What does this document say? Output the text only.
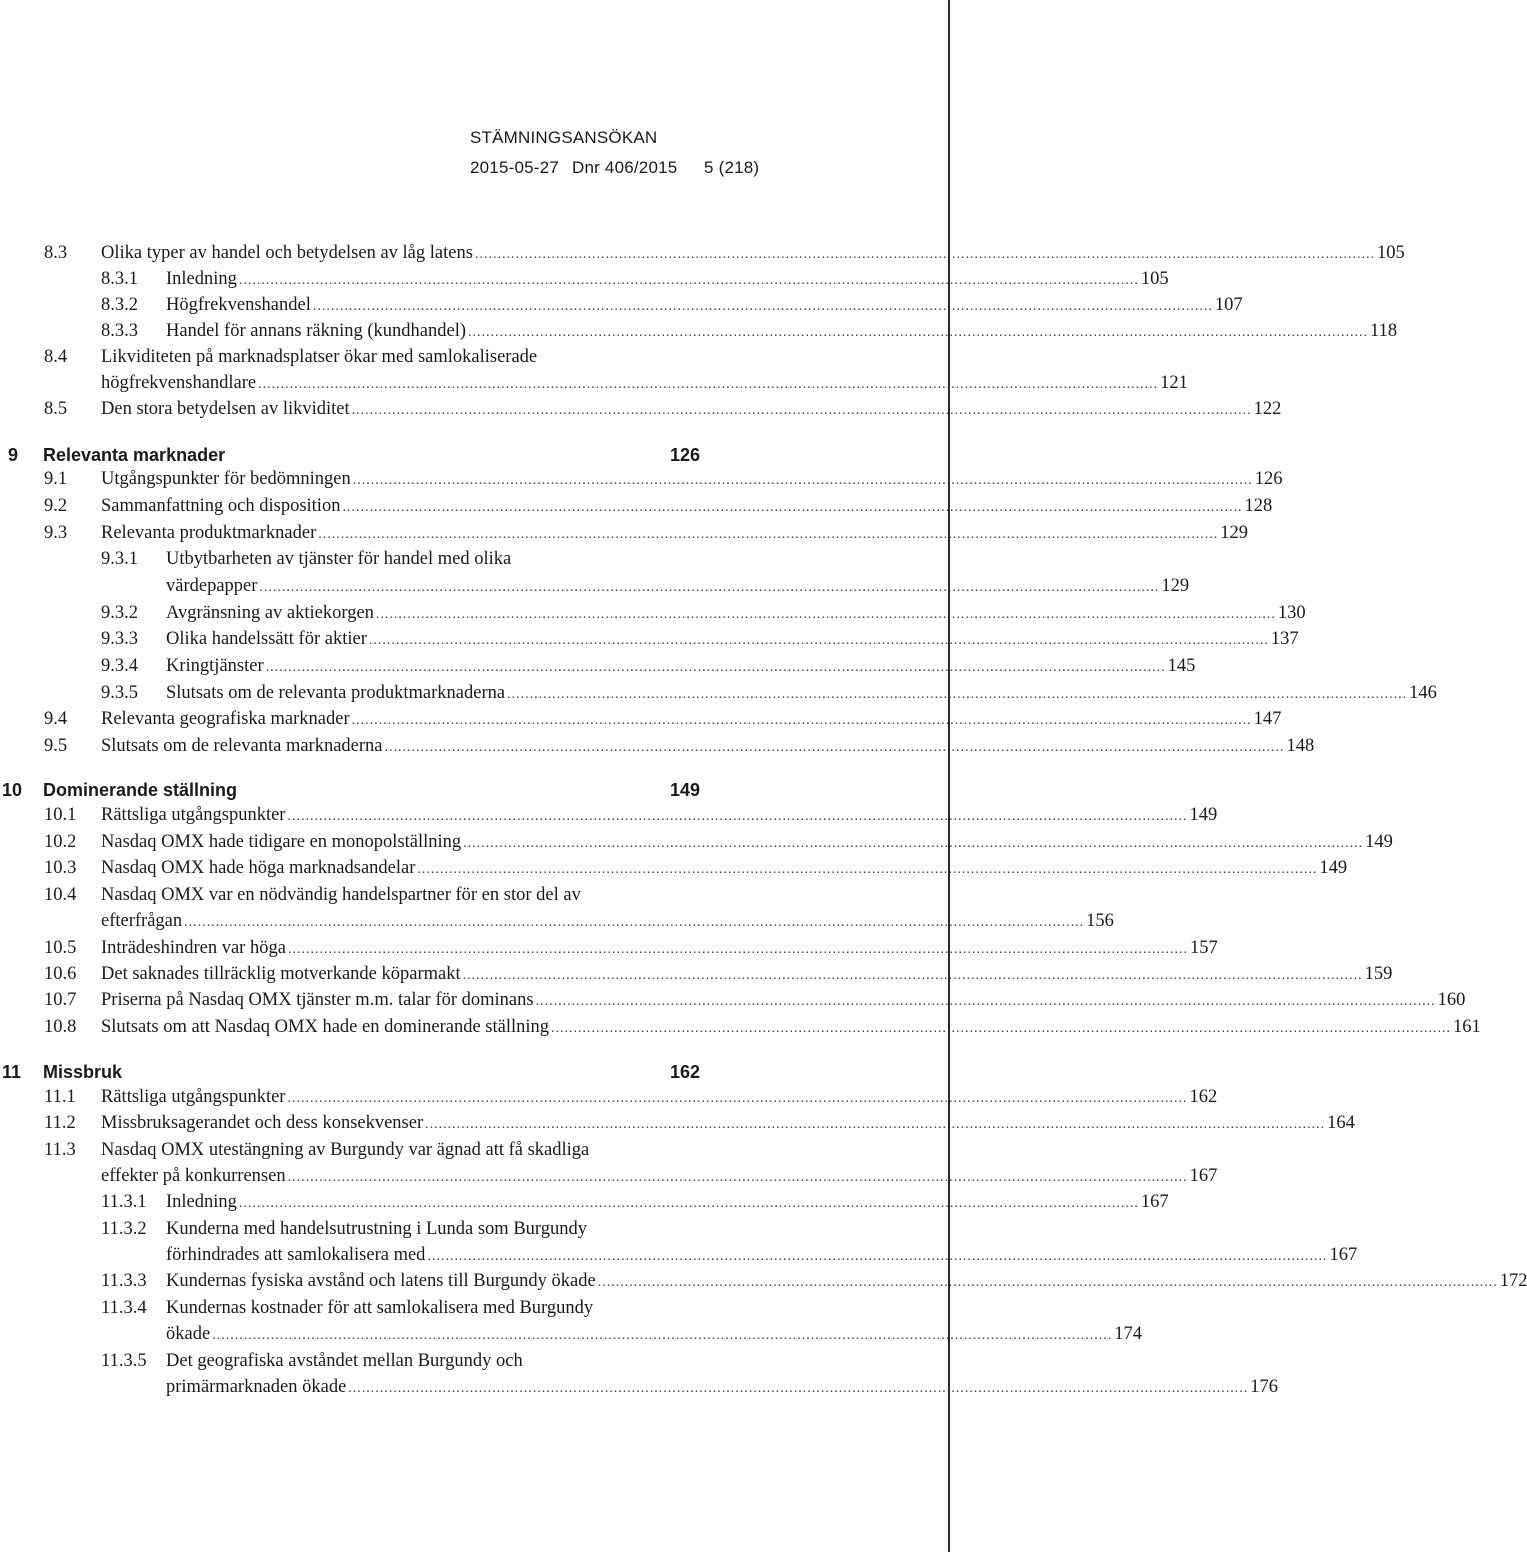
STÄMNINGSANSÖKAN
2015-05-27 Dnr 406/2015 5 (218)
8.3 Olika typer av handel och betydelsen av låg latens ........................................................................................................................................................................................................ 105
8.3.1 Inledning ........................................................................................................................................................................................................ 105
8.3.2 Högfrekvenshandel ........................................................................................................................................................................................................ 107
8.3.3 Handel för annans räkning (kundhandel) ........................................................................................................................................................................................................ 118
8.4 Likviditeten på marknadsplatser ökar med samlokaliserade
högfrekvenshandlare ........................................................................................................................................................................................................ 121
8.5 Den stora betydelsen av likviditet ........................................................................................................................................................................................................ 122
9 Relevanta marknader	126
9.1 Utgångspunkter för bedömningen ........................................................................................................................................................................................................ 126
9.2 Sammanfattning och disposition ........................................................................................................................................................................................................ 128
9.3 Relevanta produktmarknader ........................................................................................................................................................................................................ 129
9.3.1 Utbytbarheten av tjänster för handel med olika
värdepapper ........................................................................................................................................................................................................ 129
9.3.2 Avgränsning av aktiekorgen ........................................................................................................................................................................................................ 130
9.3.3 Olika handelssätt för aktier ........................................................................................................................................................................................................ 137
9.3.4 Kringtjänster ........................................................................................................................................................................................................ 145
9.3.5 Slutsats om de relevanta produktmarknaderna ........................................................................................................................................................................................................ 146
9.4 Relevanta geografiska marknader ........................................................................................................................................................................................................ 147
9.5 Slutsats om de relevanta marknaderna ........................................................................................................................................................................................................ 148
10 Dominerande ställning	149
10.1 Rättsliga utgångspunkter ........................................................................................................................................................................................................ 149
10.2 Nasdaq OMX hade tidigare en monopolställning ........................................................................................................................................................................................................ 149
10.3 Nasdaq OMX hade höga marknadsandelar ........................................................................................................................................................................................................ 149
10.4 Nasdaq OMX var en nödvändig handelspartner för en stor del av
efterfrågan ........................................................................................................................................................................................................ 156
10.5 Inträdeshindren var höga ........................................................................................................................................................................................................ 157
10.6 Det saknades tillräcklig motverkande köparmakt ........................................................................................................................................................................................................ 159
10.7 Priserna på Nasdaq OMX tjänster m.m. talar för dominans ........................................................................................................................................................................................................ 160
10.8 Slutsats om att Nasdaq OMX hade en dominerande ställning ........................................................................................................................................................................................................ 161
11 Missbruk	162
11.1 Rättsliga utgångspunkter ........................................................................................................................................................................................................ 162
11.2 Missbruksagerandet och dess konsekvenser ........................................................................................................................................................................................................ 164
11.3 Nasdaq OMX utestängning av Burgundy var ägnad att få skadliga
effekter på konkurrensen ........................................................................................................................................................................................................ 167
11.3.1 Inledning ........................................................................................................................................................................................................ 167
11.3.2 Kunderna med handelsutrustning i Lunda som Burgundy
förhindrades att samlokalisera med ........................................................................................................................................................................................................ 167
11.3.3 Kundernas fysiska avstånd och latens till Burgundy ökade ........................................................................................................................................................................................................ 172
11.3.4 Kundernas kostnader för att samlokalisera med Burgundy
ökade ........................................................................................................................................................................................................ 174
11.3.5 Det geografiska avståndet mellan Burgundy och
primärmarknaden ökade ........................................................................................................................................................................................................ 176
